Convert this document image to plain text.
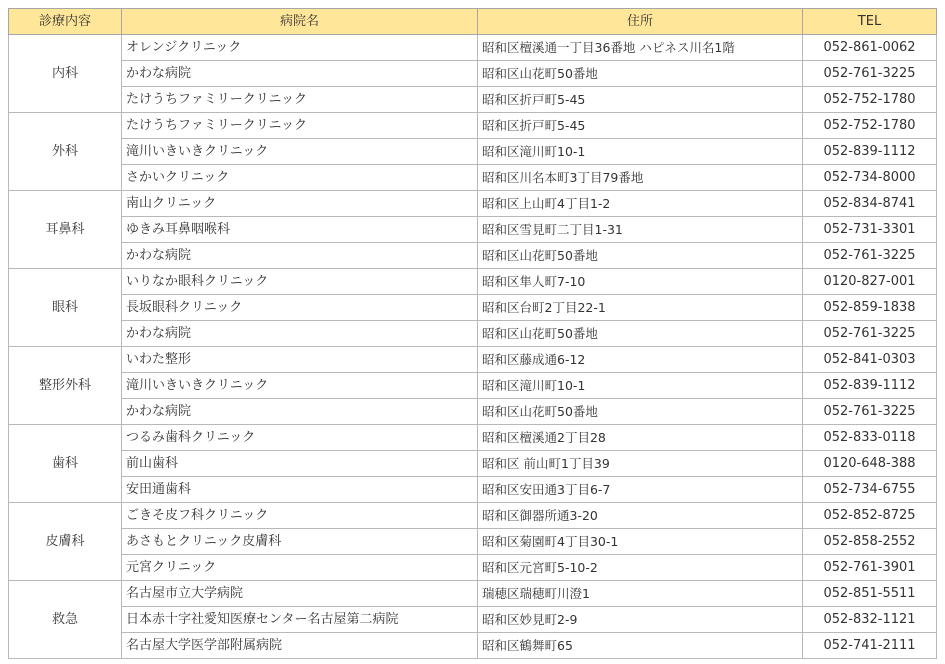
診療内容	病院名	住所	TEL
内科	オレンジクリニック	昭和区檀溪通一丁目36番地 ハピネス川名1階	052-861-0062
	かわな病院	昭和区山花町50番地	052-761-3225
	たけうちファミリークリニック	昭和区折戸町5-45	052-752-1780
外科	たけうちファミリークリニック	昭和区折戸町5-45	052-752-1780
	滝川いきいきクリニック	昭和区滝川町10-1	052-839-1112
	さかいクリニック	昭和区川名本町3丁目79番地	052-734-8000
耳鼻科	南山クリニック	昭和区上山町4丁目1-2	052-834-8741
	ゆきみ耳鼻咽喉科	昭和区雪見町二丁目1-31	052-731-3301
	かわな病院	昭和区山花町50番地	052-761-3225
眼科	いりなか眼科クリニック	昭和区隼人町7-10	0120-827-001
	長坂眼科クリニック	昭和区台町2丁目22-1	052-859-1838
	かわな病院	昭和区山花町50番地	052-761-3225
整形外科	いわた整形	昭和区藤成通6-12	052-841-0303
	滝川いきいきクリニック	昭和区滝川町10-1	052-839-1112
	かわな病院	昭和区山花町50番地	052-761-3225
歯科	つるみ歯科クリニック	昭和区檀溪通2丁目28	052-833-0118
	前山歯科	昭和区 前山町1丁目39	0120-648-388
	安田通歯科	昭和区安田通3丁目6-7	052-734-6755
皮膚科	ごきそ皮フ科クリニック	昭和区御器所通3-20	052-852-8725
	あさもとクリニック皮膚科	昭和区菊園町4丁目30-1	052-858-2552
	元宮クリニック	昭和区元宮町5-10-2	052-761-3901
救急	名古屋市立大学病院	瑞穂区瑞穂町川澄1	052-851-5511
	日本赤十字社愛知医療センター名古屋第二病院	昭和区妙見町2-9	052-832-1121
	名古屋大学医学部附属病院	昭和区鶴舞町65	052-741-2111
